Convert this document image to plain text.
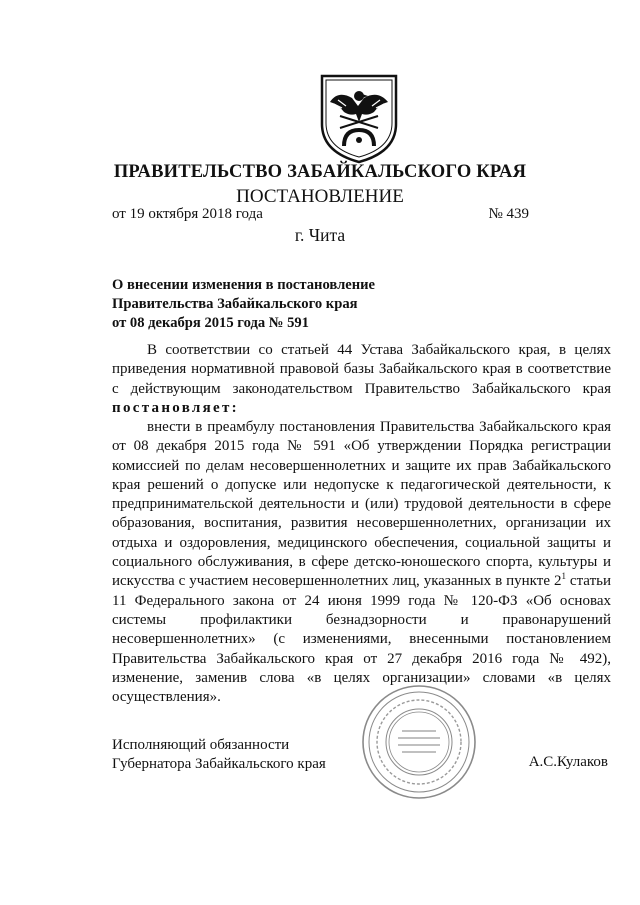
ПРАВИТЕЛЬСТВО ЗАБАЙКАЛЬСКОГО КРАЯ
ПОСТАНОВЛЕНИЕ
от 19 октября 2018 года	№ 439
г. Чита
О внесении изменения в постановление
Правительства Забайкальского края
от 08 декабря 2015 года № 591
В соответствии со статьей 44 Устава Забайкальского края, в целях приведения нормативной правовой базы Забайкальского края в соответствие с действующим законодательством Правительство Забайкальского края постановляет:
внести в преамбулу постановления Правительства Забайкальского края от 08 декабря 2015 года № 591 «Об утверждении Порядка регистрации комиссией по делам несовершеннолетних и защите их прав Забайкальского края решений о допуске или недопуске к педагогической деятельности, к предпринимательской деятельности и (или) трудовой деятельности в сфере образования, воспитания, развития несовершеннолетних, организации их отдыха и оздоровления, медицинского обеспечения, социальной защиты и социального обслуживания, в сфере детско-юношеского спорта, культуры и искусства с участием несовершеннолетних лиц, указанных в пункте $2^1$ статьи 11 Федерального закона от 24 июня 1999 года № 120-ФЗ «Об основах системы профилактики безнадзорности и правонарушений несовершеннолетних» (с изменениями, внесенными постановлением Правительства Забайкальского края от 27 декабря 2016 года № 492), изменение, заменив слова «в целях организации» словами «в целях осуществления».
Исполняющий обязанности
Губернатора Забайкальского края	А.С.Кулаков
